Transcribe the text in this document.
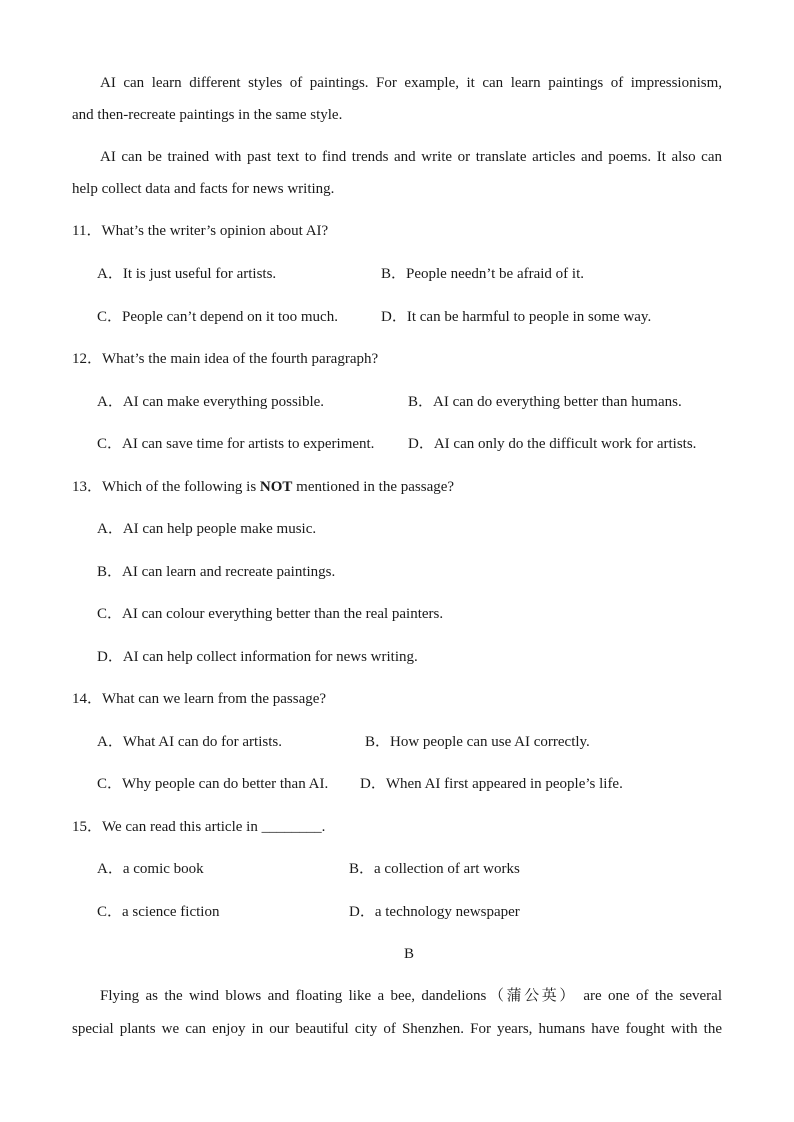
AI can learn different styles of paintings. For example, it can learn paintings of impressionism,
and then-recreate paintings in the same style.
AI can be trained with past text to find trends and write or translate articles and poems. It also can
help collect data and facts for news writing.
11．What’s the writer’s opinion about AI?
A．It is just useful for artists.	B．People needn’t be afraid of it.
C．People can’t depend on it too much.	D．It can be harmful to people in some way.
12．What’s the main idea of the fourth paragraph?
A．AI can make everything possible.	B．AI can do everything better than humans.
C．AI can save time for artists to experiment. D．AI can only do the difficult work for artists.
13．Which of the following is NOT mentioned in the passage?
A．AI can help people make music.
B．AI can learn and recreate paintings.
C．AI can colour everything better than the real painters.
D．AI can help collect information for news writing.
14．What can we learn from the passage?
A．What AI can do for artists.	B．How people can use AI correctly.
C．Why people can do better than AI. D．When AI first appeared in people’s life.
15．We can read this article in ________.
A．a comic book	B．a collection of art works
C．a science fiction	D．a technology newspaper
B
Flying as the wind blows and floating like a bee, dandelions（蒲公英） are one of the several
special plants we can enjoy in our beautiful city of Shenzhen. For years, humans have fought with the
